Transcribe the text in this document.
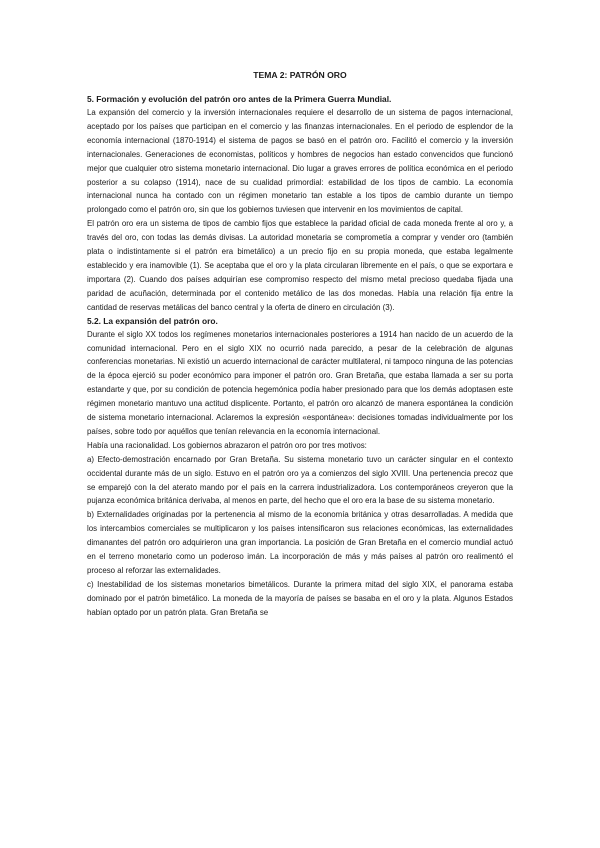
TEMA 2: PATRÓN ORO
5. Formación y evolución del patrón oro antes de la Primera Guerra Mundial.

La expansión del comercio y la inversión internacionales requiere el desarrollo de un sistema de pagos internacional, aceptado por los países que participan en el comercio y las finanzas internacionales. En el periodo de esplendor de la economía internacional (1870-1914) el sistema de pagos se basó en el patrón oro. Facilitó el comercio y la inversión internacionales. Generaciones de economistas, políticos y hombres de negocios han estado convencidos que funcionó mejor que cualquier otro sistema monetario internacional. Dio lugar a graves errores de política económica en el periodo posterior a su colapso (1914), nace de su cualidad primordial: estabilidad de los tipos de cambio. La economía internacional nunca ha contado con un régimen monetario tan estable a los tipos de cambio durante un tiempo prolongado como el patrón oro, sin que los gobiernos tuviesen que intervenir en los movimientos de capital.

El patrón oro era un sistema de tipos de cambio fijos que establece la paridad oficial de cada moneda frente al oro y, a través del oro, con todas las demás divisas. La autoridad monetaria se comprometía a comprar y vender oro (también plata o indistintamente si el patrón era bimetálico) a un precio fijo en su propia moneda, que estaba legalmente establecido y era inamovible (1). Se aceptaba que el oro y la plata circularan libremente en el país, o que se exportara e importara (2). Cuando dos países adquirían ese compromiso respecto del mismo metal precioso quedaba fijada una paridad de acuñación, determinada por el contenido metálico de las dos monedas. Había una relación fija entre la cantidad de reservas metálicas del banco central y la oferta de dinero en circulación (3).

5.2. La expansión del patrón oro.

Durante el siglo XX todos los regímenes monetarios internacionales posteriores a 1914 han nacido de un acuerdo de la comunidad internacional. Pero en el siglo XIX no ocurrió nada parecido, a pesar de la celebración de algunas conferencias monetarias. Ni existió un acuerdo internacional de carácter multilateral, ni tampoco ninguna de las potencias de la época ejerció su poder económico para imponer el patrón oro. Gran Bretaña, que estaba llamada a ser su porta estandarte y que, por su condición de potencia hegemónica podía haber presionado para que los demás adoptasen este régimen monetario mantuvo una actitud displicente. Portanto, el patrón oro alcanzó de manera espontánea la condición de sistema monetario internacional. Aclaremos la expresión «espontánea»: decisiones tomadas individualmente por los países, sobre todo por aquéllos que tenían relevancia en la economía internacional.

Había una racionalidad. Los gobiernos abrazaron el patrón oro por tres motivos:

a) Efecto-demostración encarnado por Gran Bretaña. Su sistema monetario tuvo un carácter singular en el contexto occidental durante más de un siglo. Estuvo en el patrón oro ya a comienzos del siglo XVIII. Una pertenencia precoz que se emparejó con la del aterato mando por el país en la carrera industrializadora. Los contemporáneos creyeron que la pujanza económica británica derivaba, al menos en parte, del hecho que el oro era la base de su sistema monetario.

b) Externalidades originadas por la pertenencia al mismo de la economía británica y otras desarrolladas. A medida que los intercambios comerciales se multiplicaron y los países intensificaron sus relaciones económicas, las externalidades dimanantes del patrón oro adquirieron una gran importancia. La posición de Gran Bretaña en el comercio mundial actuó en el terreno monetario como un poderoso imán. La incorporación de más y más países al patrón oro realimentó el proceso al reforzar las externalidades.

c) Inestabilidad de los sistemas monetarios bimetálicos. Durante la primera mitad del siglo XIX, el panorama estaba dominado por el patrón bimetálico. La moneda de la mayoría de países se basaba en el oro y la plata. Algunos Estados habían optado por un patrón plata. Gran Bretaña se
